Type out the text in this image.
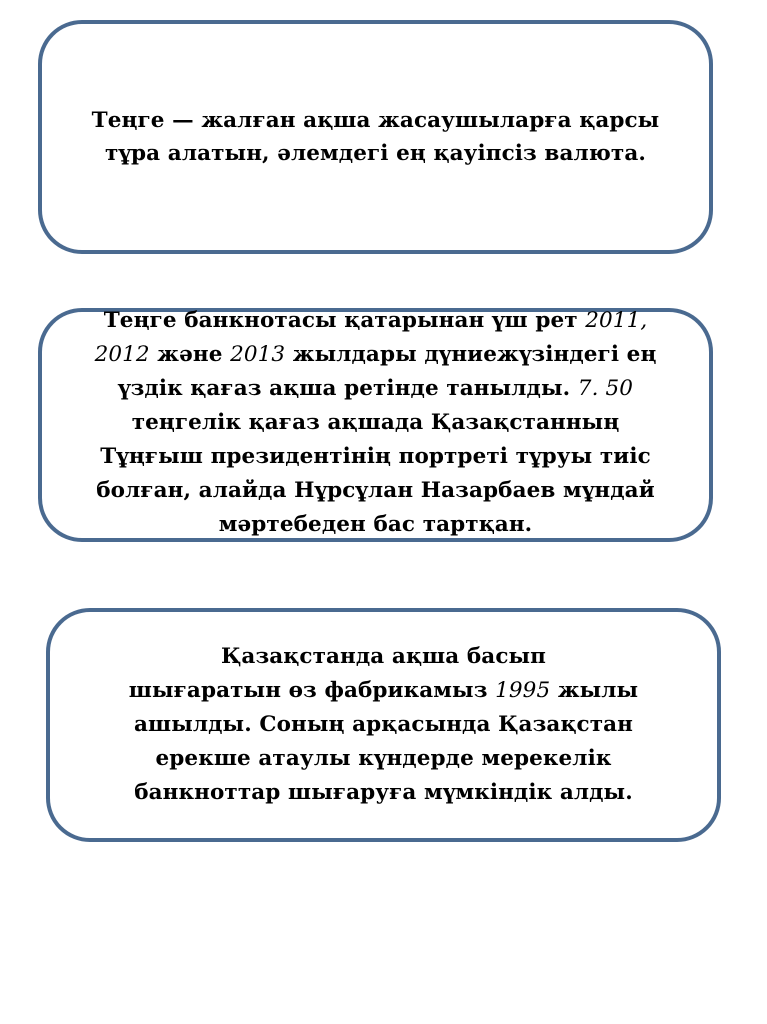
Теңге — жалған ақша жасаушыларға қарсы
тұра алатын, әлемдегі ең қауіпсіз валюта.

Теңге банкнотасы қатарынан үш рет 2011,
2012 және 2013 жылдары дүниежүзіндегі ең
үздік қағаз ақша ретінде танылды. 7. 50
теңгелік қағаз ақшада Қазақстанның
Тұңғыш президентінің портреті тұруы тиіс
болған, алайда Нұрсұлан Назарбаев мұндай
мәртебеден бас тартқан.

Қазақстанда ақша басып
шығаратын өз фабрикамыз 1995 жылы
ашылды. Соның арқасында Қазақстан
ерекше атаулы күндерде мерекелік
банкноттар шығаруға мүмкіндік алды.
